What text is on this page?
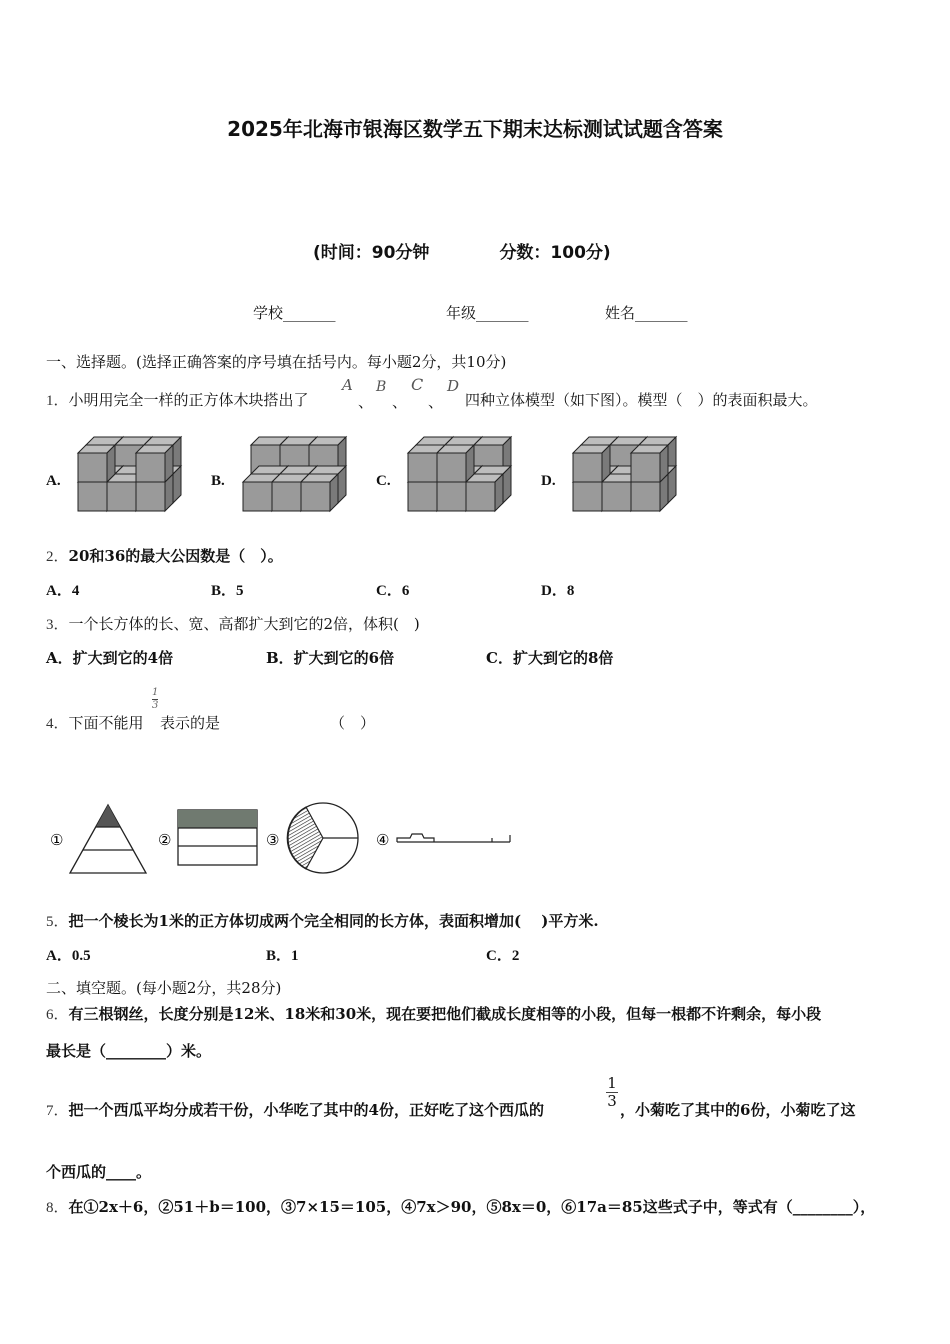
2025年北海市银海区数学五下期末达标测试试题含答案
(时间：90分钟	分数：100分)
学校_______	年级_______	姓名_______
一、选择题。(选择正确答案的序号填在括号内。每小题2分，共10分)
1．小明用完全一样的正方体木块搭出了
A
、
B
、
C
、
D
四种立体模型（如下图）。模型（　）的表面积最大。
A.	B.	C.	D.
2．20和36的最大公因数是（　）。
A．4	B．5	C．6	D．8
3．一个长方体的长、宽、高都扩大到它的2倍，体积(　)
A．扩大到它的4倍	B．扩大到它的6倍	C．扩大到它的8倍
4．下面不能用
1
3
表示的是	（　）
①	②	③	④
5．把一个棱长为1米的正方体切成两个完全相同的长方体，表面积增加(　 )平方米.
A．0.5	B．1	C．2
二、填空题。(每小题2分，共28分)
6．有三根钢丝，长度分别是12米、18米和30米，现在要把他们截成长度相等的小段，但每一根都不许剩余，每小段
最长是（________）米。
7．把一个西瓜平均分成若干份，小华吃了其中的4份，正好吃了这个西瓜的
1
3 ，小菊吃了其中的6份，小菊吃了这
个西瓜的____。
8．在①2x＋6，②51＋b＝100，③7×15＝105，④7x＞90，⑤8x＝0，⑥17a＝85这些式子中，等式有（________），
